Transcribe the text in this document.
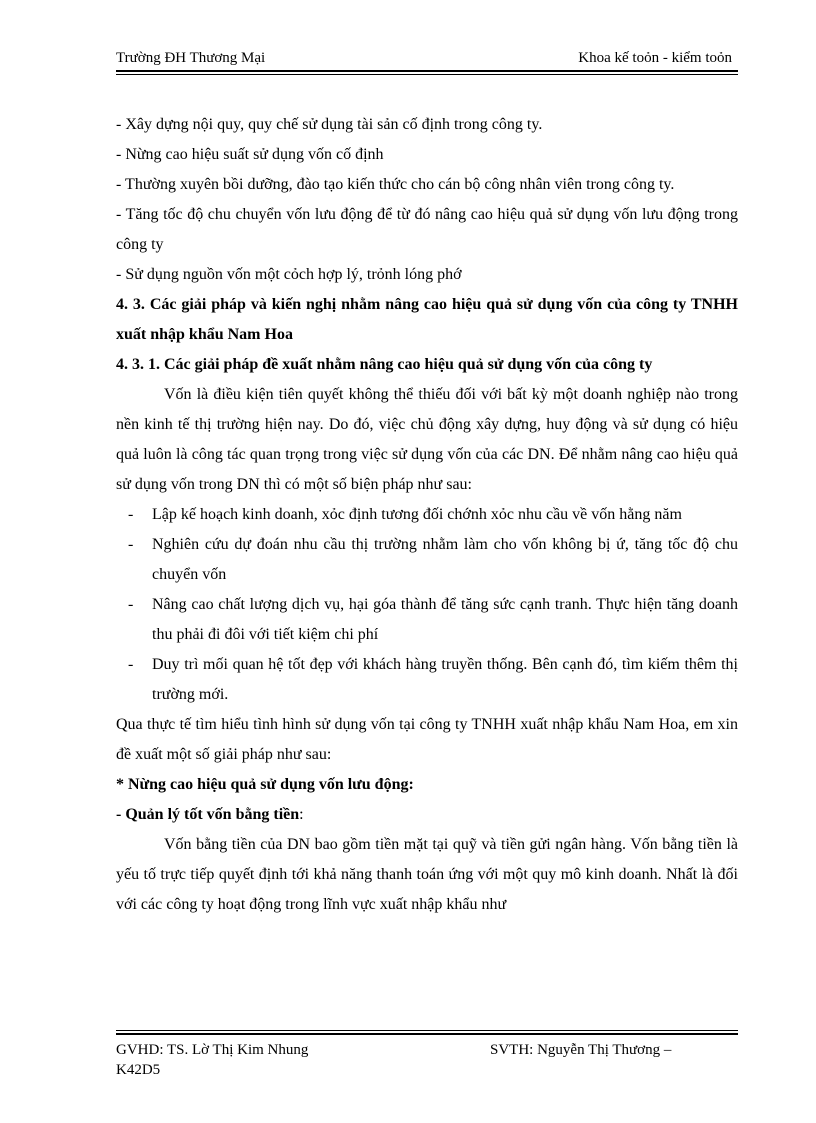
Trường ĐH Thương Mại	Khoa kế toỏn - kiểm toỏn

- Xây dựng nội quy, quy chế sử dụng tài sản cố định trong công ty.

- Nừng cao hiệu suất sử dụng vốn cố định

- Thường xuyên bồi dưỡng, đào tạo kiến thức cho cán bộ công nhân viên trong công ty.

- Tăng tốc độ chu chuyển vốn lưu động để từ đó nâng cao hiệu quả sử dụng vốn lưu động trong công ty

- Sử dụng nguồn vốn một cỏch hợp lý, trỏnh lóng phớ

4. 3. Các giải pháp và kiến nghị nhằm nâng cao hiệu quả sử dụng vốn của công ty TNHH xuất nhập khẩu Nam Hoa

4. 3. 1. Các giải pháp đề xuất nhằm nâng cao hiệu quả sử dụng vốn của công ty

Vốn là điều kiện tiên quyết không thể thiếu đối với bất kỳ một doanh nghiệp nào trong nền kinh tế thị trường hiện nay. Do đó, việc chủ động xây dựng, huy động và sử dụng có hiệu quả luôn là công tác quan trọng trong việc sử dụng vốn của các DN. Để nhằm nâng cao hiệu quả sử dụng vốn trong DN thì có một số biện pháp như sau:

- Lập kế hoạch kinh doanh, xỏc định tương đối chớnh xỏc nhu cầu về vốn hằng năm
- Nghiên cứu dự đoán nhu cầu thị trường nhằm làm cho vốn không bị ứ, tăng tốc độ chu chuyển vốn
- Nâng cao chất lượng dịch vụ, hại góa thành để tăng sức cạnh tranh. Thực hiện tăng doanh thu phải đi đôi với tiết kiệm chi phí
- Duy trì mối quan hệ tốt đẹp với khách hàng truyền thống. Bên cạnh đó, tìm kiếm thêm thị trường mới.

Qua thực tế tìm hiểu tình hình sử dụng vốn tại công ty TNHH xuất nhập khẩu Nam Hoa, em xin đề xuất một số giải pháp như sau:

* Nừng cao hiệu quả sử dụng vốn lưu động:

- Quản lý tốt vốn bằng tiền:

Vốn bằng tiền của DN bao gồm tiền mặt tại quỹ và tiền gửi ngân hàng. Vốn bằng tiền là yếu tố trực tiếp quyết định tới khả năng thanh toán ứng với một quy mô kinh doanh. Nhất là đối với các công ty hoạt động trong lĩnh vực xuất nhập khẩu như

GVHD: TS. Lờ Thị Kim Nhung	SVTH: Nguyễn Thị Thương –
K42D5
